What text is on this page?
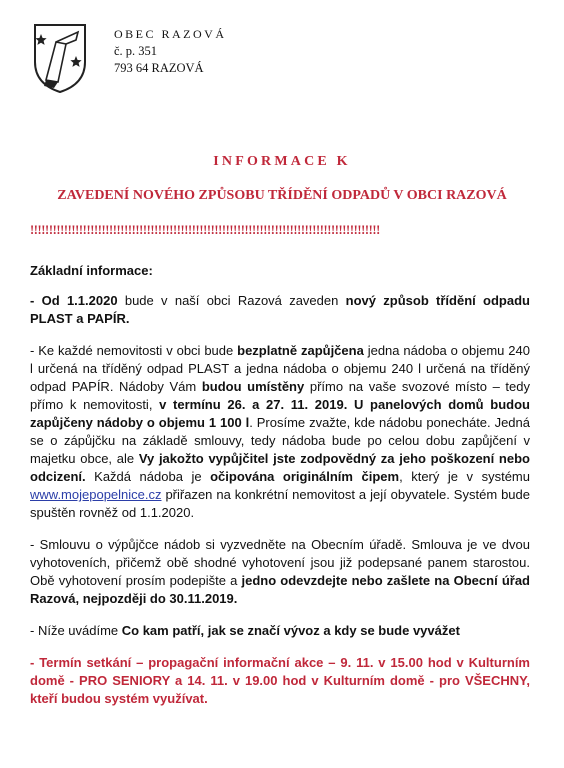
OBEC RAZOVÁ
č. p. 351
793 64 RAZOVÁ
INFORMACE K
ZAVEDENÍ NOVÉHO ZPŮSOBU TŘÍDĚNÍ ODPADŮ V OBCI RAZOVÁ
!!!!!!!!!!!!!!!!!!!!!!!!!!!!!!!!!!!!!!!!!!!!!!!!!!!!!!!!!!!!!!!!!!!!!!!!!!!!!!!!!!!!!!!!!!!!!

Základní informace:

- Od 1.1.2020 bude v naší obci Razová zaveden nový způsob třídění odpadu PLAST a PAPÍR.

- Ke každé nemovitosti v obci bude bezplatně zapůjčena jedna nádoba o objemu 240 l určená na tříděný odpad PLAST a jedna nádoba o objemu 240 l určená na tříděný odpad PAPÍR. Nádoby Vám budou umístěny přímo na vaše svozové místo – tedy přímo k nemovitosti, v termínu 26. a 27. 11. 2019. U panelových domů budou zapůjčeny nádoby o objemu 1 100 l. Prosíme zvažte, kde nádobu ponecháte. Jedná se o zápůjčku na základě smlouvy, tedy nádoba bude po celou dobu zapůjčení v majetku obce, ale Vy jakožto vypůjčitel jste zodpovědný za jeho poškození nebo odcizení. Každá nádoba je očipována originálním čipem, který je v systému www.mojepopelnice.cz přiřazen na konkrétní nemovitost a její obyvatele. Systém bude spuštěn rovněž od 1.1.2020.

- Smlouvu o výpůjčce nádob si vyzvedněte na Obecním úřadě. Smlouva je ve dvou vyhotoveních, přičemž obě shodné vyhotovení jsou již podepsané panem starostou. Obě vyhotovení prosím podepište a jedno odevzdejte nebo zašlete na Obecní úřad Razová, nejpozději do 30.11.2019.

- Níže uvádíme Co kam patří, jak se značí vývoz a kdy se bude vyvážet

- Termín setkání – propagační informační akce – 9. 11. v 15.00 hod v Kulturním domě - PRO SENIORY a 14. 11. v 19.00 hod v Kulturním domě - pro VŠECHNY, kteří budou systém využívat.
